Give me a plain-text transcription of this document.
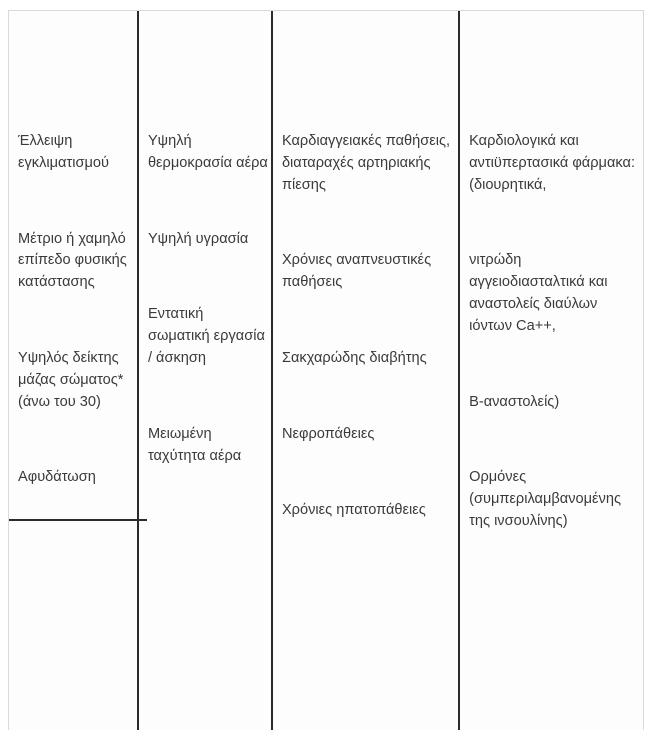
Έλλειψη
εγκλιματισμού

Μέτριο ή χαμηλό
επίπεδο φυσικής
κατάστασης

Υψηλός δείκτης
μάζας σώματος*
(άνω του 30)

Αφυδάτωση

Υψηλή
θερμοκρασία αέρα

Υψηλή υγρασία

Εντατική
σωματική εργασία
/ άσκηση

Μειωμένη
ταχύτητα αέρα

Καρδιαγγειακές παθήσεις,
διαταραχές αρτηριακής
πίεσης

Χρόνιες αναπνευστικές
παθήσεις

Σακχαρώδης διαβήτης

Νεφροπάθειες

Χρόνιες ηπατοπάθειες

Καρδιολογικά και
αντιϋπερτασικά φάρμακα:
(διουρητικά,

νιτρώδη
αγγειοδιασταλτικά και
αναστολείς διαύλων
ιόντων Ca++,

Β-αναστολείς)

Ορμόνες
(συμπεριλαμβανομένης
της ινσουλίνης)
